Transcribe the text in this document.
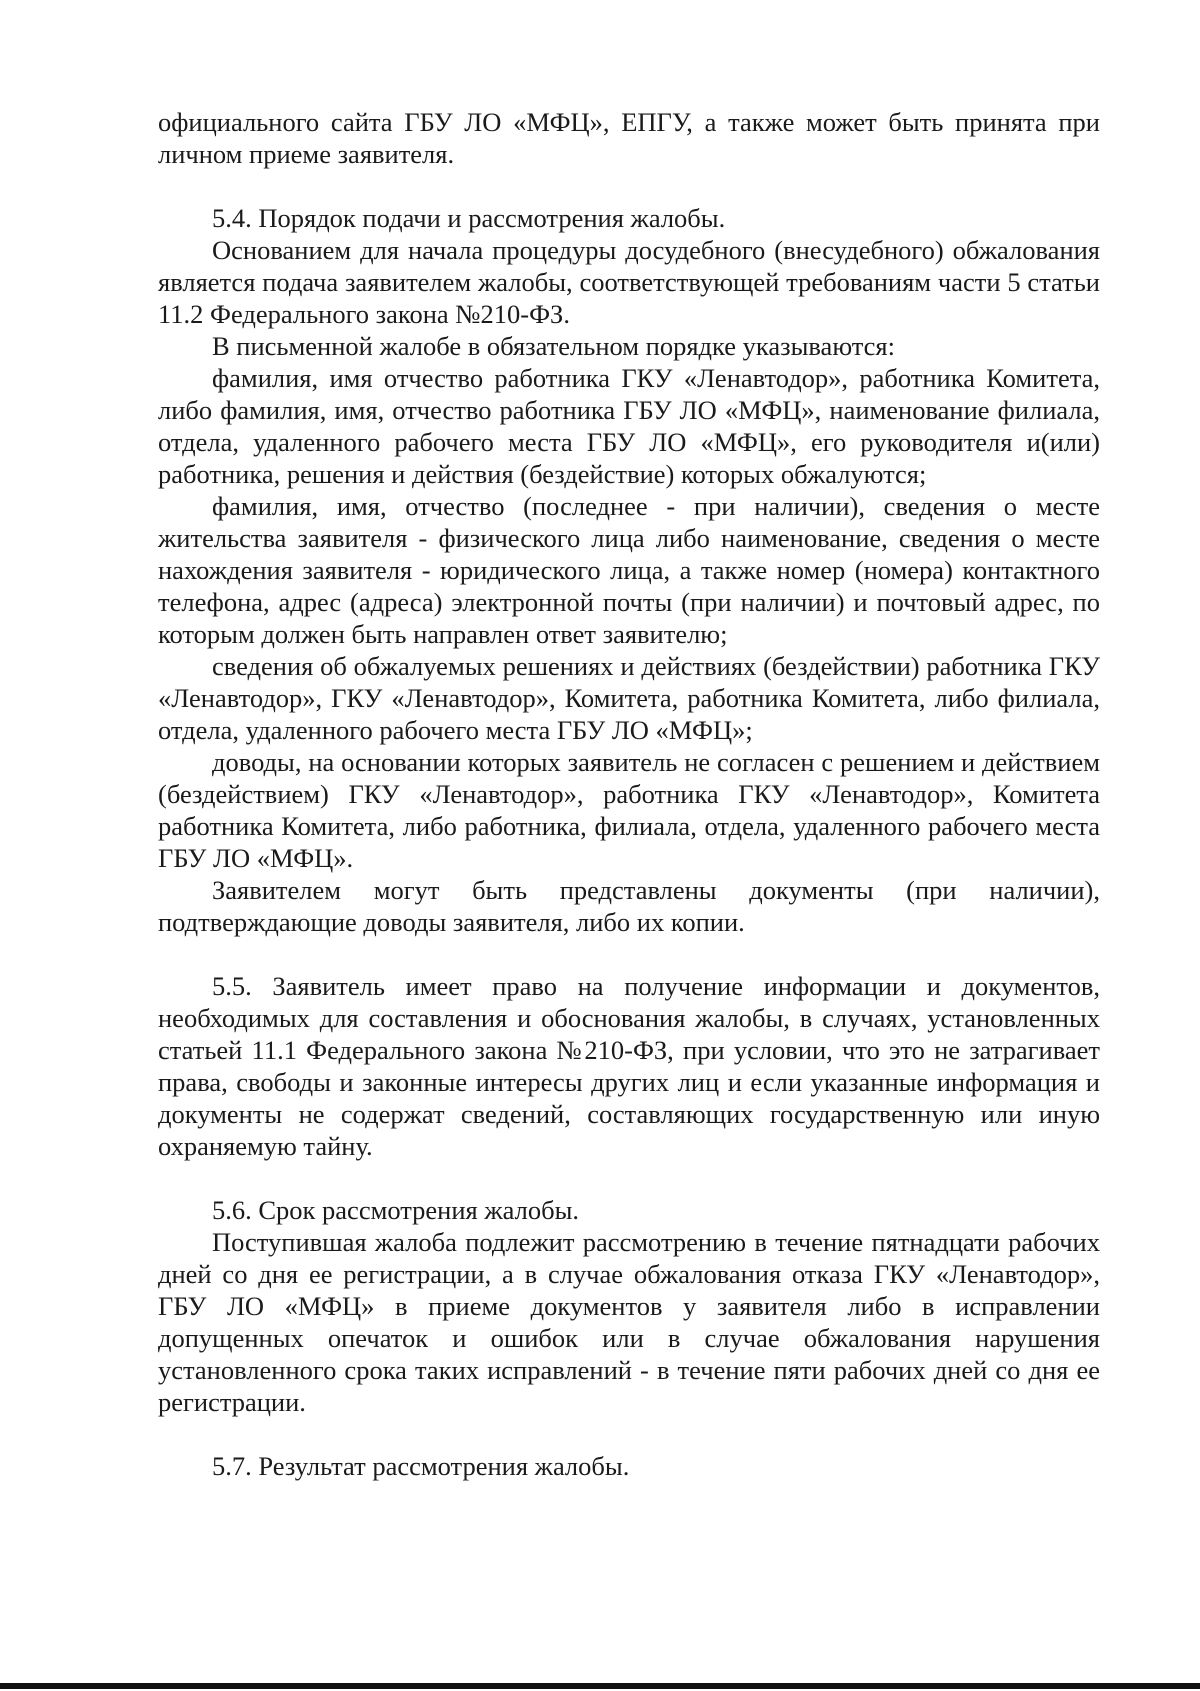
официального сайта ГБУ ЛО «МФЦ», ЕПГУ, а также может быть принята при личном приеме заявителя.

5.4. Порядок подачи и рассмотрения жалобы.

Основанием для начала процедуры досудебного (внесудебного) обжалования является подача заявителем жалобы, соответствующей требованиям части 5 статьи 11.2 Федерального закона №210-ФЗ.

В письменной жалобе в обязательном порядке указываются:

фамилия, имя отчество работника ГКУ «Ленавтодор», работника Комитета, либо фамилия, имя, отчество работника ГБУ ЛО «МФЦ», наименование филиала, отдела, удаленного рабочего места ГБУ ЛО «МФЦ», его руководителя и(или) работника, решения и действия (бездействие) которых обжалуются;

фамилия, имя, отчество (последнее - при наличии), сведения о месте жительства заявителя - физического лица либо наименование, сведения о месте нахождения заявителя - юридического лица, а также номер (номера) контактного телефона, адрес (адреса) электронной почты (при наличии) и почтовый адрес, по которым должен быть направлен ответ заявителю;

сведения об обжалуемых решениях и действиях (бездействии) работника ГКУ «Ленавтодор», ГКУ «Ленавтодор», Комитета, работника Комитета, либо филиала, отдела, удаленного рабочего места ГБУ ЛО «МФЦ»;

доводы, на основании которых заявитель не согласен с решением и действием (бездействием) ГКУ «Ленавтодор», работника ГКУ «Ленавтодор», Комитета работника Комитета, либо работника, филиала, отдела, удаленного рабочего места ГБУ ЛО «МФЦ».

Заявителем могут быть представлены документы (при наличии), подтверждающие доводы заявителя, либо их копии.

5.5. Заявитель имеет право на получение информации и документов, необходимых для составления и обоснования жалобы, в случаях, установленных статьей 11.1 Федерального закона №210-ФЗ, при условии, что это не затрагивает права, свободы и законные интересы других лиц и если указанные информация и документы не содержат сведений, составляющих государственную или иную охраняемую тайну.

5.6. Срок рассмотрения жалобы.

Поступившая жалоба подлежит рассмотрению в течение пятнадцати рабочих дней со дня ее регистрации, а в случае обжалования отказа ГКУ «Ленавтодор», ГБУ ЛО «МФЦ» в приеме документов у заявителя либо в исправлении допущенных опечаток и ошибок или в случае обжалования нарушения установленного срока таких исправлений - в течение пяти рабочих дней со дня ее регистрации.

5.7. Результат рассмотрения жалобы.
